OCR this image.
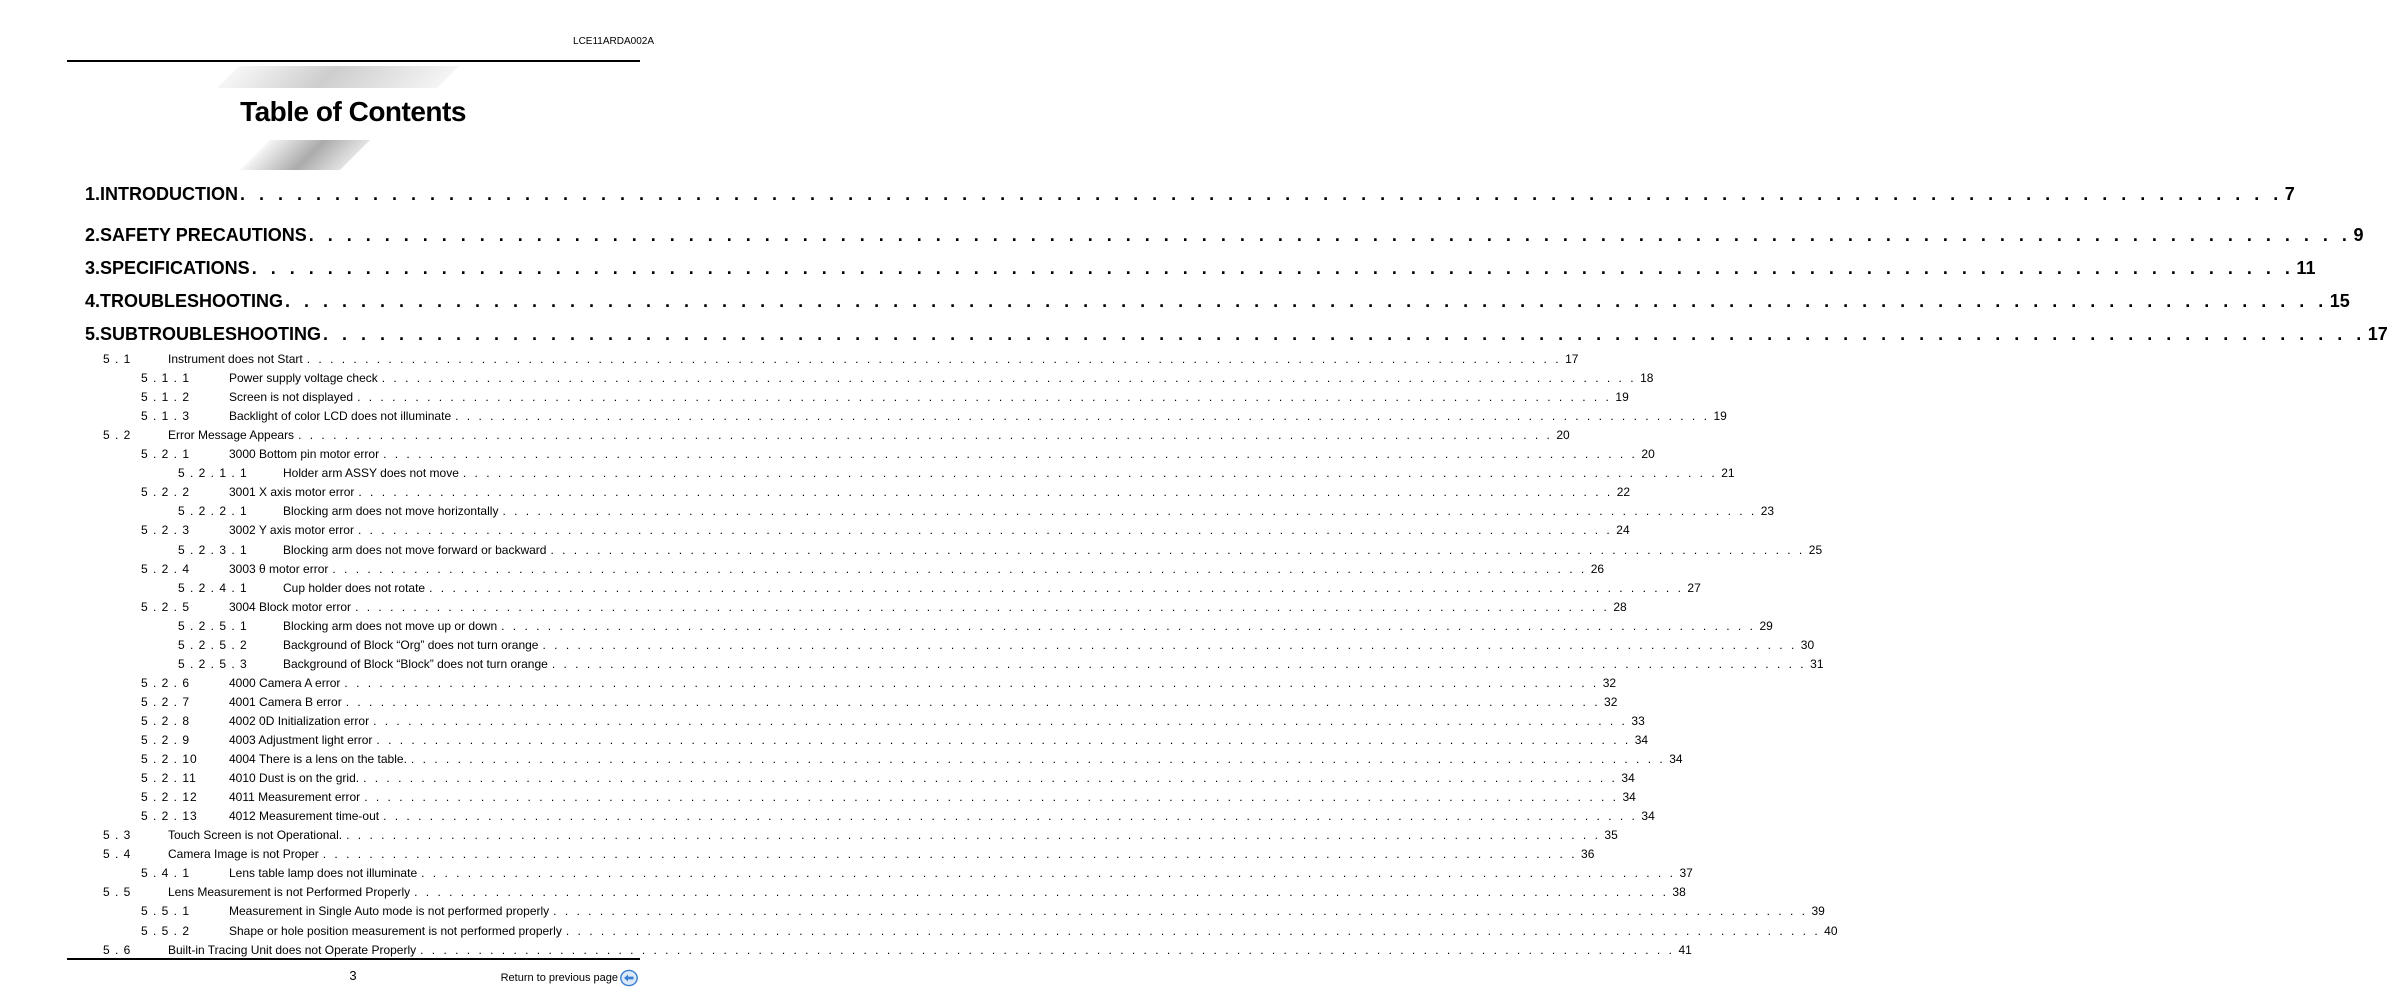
LCE11ARDA002A
Table of Contents
1.INTRODUCTION . . . . . . . . . . . . . . . . . . . . . . . . . . . . . . . . . . . . . . . . . . . . . . . . . . . . . . . . . . . . . . . . . . . . . . . . . . . . . . . . . . . . . . . . . . . . . . . . . . . . . . . . . . . . 7
2.SAFETY PRECAUTIONS . . . . . . . . . . . . . . . . . . . . . . . . . . . . . . . . . . . . . . . . . . . . . . . . . . . . . . . . . . . . . . . . . . . . . . . . . . . . . . . . . . . . . . . . . . . . . . . . . . . . . . . . . . . . 9
3.SPECIFICATIONS . . . . . . . . . . . . . . . . . . . . . . . . . . . . . . . . . . . . . . . . . . . . . . . . . . . . . . . . . . . . . . . . . . . . . . . . . . . . . . . . . . . . . . . . . . . . . . . . . . . . . . . . . . . . 11
4.TROUBLESHOOTING . . . . . . . . . . . . . . . . . . . . . . . . . . . . . . . . . . . . . . . . . . . . . . . . . . . . . . . . . . . . . . . . . . . . . . . . . . . . . . . . . . . . . . . . . . . . . . . . . . . . . . . . . . . . 15
5.SUBTROUBLESHOOTING . . . . . . . . . . . . . . . . . . . . . . . . . . . . . . . . . . . . . . . . . . . . . . . . . . . . . . . . . . . . . . . . . . . . . . . . . . . . . . . . . . . . . . . . . . . . . . . . . . . . . . . . . . . . 17
5 . 1	Instrument does not Start . . . . . . . . . . . . . . . . . . . . . . . . . . . . . . . . . . . . . . . . . . . . . . . . . . . . . . . . . . . . . . . . . . . . . . . . . . . . . . . . . . . . . . . . . . . . . . . . . . . . . . . . . . . . 17
5 . 1 . 1	Power supply voltage check . . . . . . . . . . . . . . . . . . . . . . . . . . . . . . . . . . . . . . . . . . . . . . . . . . . . . . . . . . . . . . . . . . . . . . . . . . . . . . . . . . . . . . . . . . . . . . . . . . . . . . . . . . . . 18
5 . 1 . 2	Screen is not displayed . . . . . . . . . . . . . . . . . . . . . . . . . . . . . . . . . . . . . . . . . . . . . . . . . . . . . . . . . . . . . . . . . . . . . . . . . . . . . . . . . . . . . . . . . . . . . . . . . . . . . . . . . . . . 19
5 . 1 . 3	Backlight of color LCD does not illuminate . . . . . . . . . . . . . . . . . . . . . . . . . . . . . . . . . . . . . . . . . . . . . . . . . . . . . . . . . . . . . . . . . . . . . . . . . . . . . . . . . . . . . . . . . . . . . . . . . . . . . . . . . . . . 19
5 . 2	Error Message Appears . . . . . . . . . . . . . . . . . . . . . . . . . . . . . . . . . . . . . . . . . . . . . . . . . . . . . . . . . . . . . . . . . . . . . . . . . . . . . . . . . . . . . . . . . . . . . . . . . . . . . . . . . . . . 20
5 . 2 . 1	3000 Bottom pin motor error . . . . . . . . . . . . . . . . . . . . . . . . . . . . . . . . . . . . . . . . . . . . . . . . . . . . . . . . . . . . . . . . . . . . . . . . . . . . . . . . . . . . . . . . . . . . . . . . . . . . . . . . . . . . 20
5 . 2 . 1 . 1	Holder arm ASSY does not move . . . . . . . . . . . . . . . . . . . . . . . . . . . . . . . . . . . . . . . . . . . . . . . . . . . . . . . . . . . . . . . . . . . . . . . . . . . . . . . . . . . . . . . . . . . . . . . . . . . . . . . . . . . . 21
5 . 2 . 2	3001 X axis motor error . . . . . . . . . . . . . . . . . . . . . . . . . . . . . . . . . . . . . . . . . . . . . . . . . . . . . . . . . . . . . . . . . . . . . . . . . . . . . . . . . . . . . . . . . . . . . . . . . . . . . . . . . . . . 22
5 . 2 . 2 . 1	Blocking arm does not move horizontally . . . . . . . . . . . . . . . . . . . . . . . . . . . . . . . . . . . . . . . . . . . . . . . . . . . . . . . . . . . . . . . . . . . . . . . . . . . . . . . . . . . . . . . . . . . . . . . . . . . . . . . . . . . . 23
5 . 2 . 3	3002 Y axis motor error . . . . . . . . . . . . . . . . . . . . . . . . . . . . . . . . . . . . . . . . . . . . . . . . . . . . . . . . . . . . . . . . . . . . . . . . . . . . . . . . . . . . . . . . . . . . . . . . . . . . . . . . . . . . 24
5 . 2 . 3 . 1	Blocking arm does not move forward or backward . . . . . . . . . . . . . . . . . . . . . . . . . . . . . . . . . . . . . . . . . . . . . . . . . . . . . . . . . . . . . . . . . . . . . . . . . . . . . . . . . . . . . . . . . . . . . . . . . . . . . . . . . . . . 25
5 . 2 . 4	3003 θ motor error . . . . . . . . . . . . . . . . . . . . . . . . . . . . . . . . . . . . . . . . . . . . . . . . . . . . . . . . . . . . . . . . . . . . . . . . . . . . . . . . . . . . . . . . . . . . . . . . . . . . . . . . . . . . 26
5 . 2 . 4 . 1	Cup holder does not rotate . . . . . . . . . . . . . . . . . . . . . . . . . . . . . . . . . . . . . . . . . . . . . . . . . . . . . . . . . . . . . . . . . . . . . . . . . . . . . . . . . . . . . . . . . . . . . . . . . . . . . . . . . . . . 27
5 . 2 . 5	3004 Block motor error . . . . . . . . . . . . . . . . . . . . . . . . . . . . . . . . . . . . . . . . . . . . . . . . . . . . . . . . . . . . . . . . . . . . . . . . . . . . . . . . . . . . . . . . . . . . . . . . . . . . . . . . . . . . 28
5 . 2 . 5 . 1	Blocking arm does not move up or down . . . . . . . . . . . . . . . . . . . . . . . . . . . . . . . . . . . . . . . . . . . . . . . . . . . . . . . . . . . . . . . . . . . . . . . . . . . . . . . . . . . . . . . . . . . . . . . . . . . . . . . . . . . . 29
5 . 2 . 5 . 2	Background of Block “Org” does not turn orange . . . . . . . . . . . . . . . . . . . . . . . . . . . . . . . . . . . . . . . . . . . . . . . . . . . . . . . . . . . . . . . . . . . . . . . . . . . . . . . . . . . . . . . . . . . . . . . . . . . . . . . . . . . . 30
5 . 2 . 5 . 3	Background of Block “Block” does not turn orange . . . . . . . . . . . . . . . . . . . . . . . . . . . . . . . . . . . . . . . . . . . . . . . . . . . . . . . . . . . . . . . . . . . . . . . . . . . . . . . . . . . . . . . . . . . . . . . . . . . . . . . . . . . . 31
5 . 2 . 6	4000 Camera A error . . . . . . . . . . . . . . . . . . . . . . . . . . . . . . . . . . . . . . . . . . . . . . . . . . . . . . . . . . . . . . . . . . . . . . . . . . . . . . . . . . . . . . . . . . . . . . . . . . . . . . . . . . . . 32
5 . 2 . 7	4001 Camera B error . . . . . . . . . . . . . . . . . . . . . . . . . . . . . . . . . . . . . . . . . . . . . . . . . . . . . . . . . . . . . . . . . . . . . . . . . . . . . . . . . . . . . . . . . . . . . . . . . . . . . . . . . . . . 32
5 . 2 . 8	4002 0D Initialization error . . . . . . . . . . . . . . . . . . . . . . . . . . . . . . . . . . . . . . . . . . . . . . . . . . . . . . . . . . . . . . . . . . . . . . . . . . . . . . . . . . . . . . . . . . . . . . . . . . . . . . . . . . . . 33
5 . 2 . 9	4003 Adjustment light error . . . . . . . . . . . . . . . . . . . . . . . . . . . . . . . . . . . . . . . . . . . . . . . . . . . . . . . . . . . . . . . . . . . . . . . . . . . . . . . . . . . . . . . . . . . . . . . . . . . . . . . . . . . . 34
5 . 2 . 10	4004 There is a lens on the table. . . . . . . . . . . . . . . . . . . . . . . . . . . . . . . . . . . . . . . . . . . . . . . . . . . . . . . . . . . . . . . . . . . . . . . . . . . . . . . . . . . . . . . . . . . . . . . . . . . . . . . . . . . . . 34
5 . 2 . 11	4010 Dust is on the grid. . . . . . . . . . . . . . . . . . . . . . . . . . . . . . . . . . . . . . . . . . . . . . . . . . . . . . . . . . . . . . . . . . . . . . . . . . . . . . . . . . . . . . . . . . . . . . . . . . . . . . . . . . . . . 34
5 . 2 . 12	4011 Measurement error . . . . . . . . . . . . . . . . . . . . . . . . . . . . . . . . . . . . . . . . . . . . . . . . . . . . . . . . . . . . . . . . . . . . . . . . . . . . . . . . . . . . . . . . . . . . . . . . . . . . . . . . . . . . 34
5 . 2 . 13	4012 Measurement time-out . . . . . . . . . . . . . . . . . . . . . . . . . . . . . . . . . . . . . . . . . . . . . . . . . . . . . . . . . . . . . . . . . . . . . . . . . . . . . . . . . . . . . . . . . . . . . . . . . . . . . . . . . . . . 34
5 . 3	Touch Screen is not Operational. . . . . . . . . . . . . . . . . . . . . . . . . . . . . . . . . . . . . . . . . . . . . . . . . . . . . . . . . . . . . . . . . . . . . . . . . . . . . . . . . . . . . . . . . . . . . . . . . . . . . . . . . . . . . 35
5 . 4	Camera Image is not Proper . . . . . . . . . . . . . . . . . . . . . . . . . . . . . . . . . . . . . . . . . . . . . . . . . . . . . . . . . . . . . . . . . . . . . . . . . . . . . . . . . . . . . . . . . . . . . . . . . . . . . . . . . . . . 36
5 . 4 . 1	Lens table lamp does not illuminate . . . . . . . . . . . . . . . . . . . . . . . . . . . . . . . . . . . . . . . . . . . . . . . . . . . . . . . . . . . . . . . . . . . . . . . . . . . . . . . . . . . . . . . . . . . . . . . . . . . . . . . . . . . . 37
5 . 5	Lens Measurement is not Performed Properly . . . . . . . . . . . . . . . . . . . . . . . . . . . . . . . . . . . . . . . . . . . . . . . . . . . . . . . . . . . . . . . . . . . . . . . . . . . . . . . . . . . . . . . . . . . . . . . . . . . . . . . . . . . . 38
5 . 5 . 1	Measurement in Single Auto mode is not performed properly . . . . . . . . . . . . . . . . . . . . . . . . . . . . . . . . . . . . . . . . . . . . . . . . . . . . . . . . . . . . . . . . . . . . . . . . . . . . . . . . . . . . . . . . . . . . . . . . . . . . . . . . . . . . 39
5 . 5 . 2	Shape or hole position measurement is not performed properly . . . . . . . . . . . . . . . . . . . . . . . . . . . . . . . . . . . . . . . . . . . . . . . . . . . . . . . . . . . . . . . . . . . . . . . . . . . . . . . . . . . . . . . . . . . . . . . . . . . . . . . . . . . . 40
5 . 6	Built-in Tracing Unit does not Operate Properly . . . . . . . . . . . . . . . . . . . . . . . . . . . . . . . . . . . . . . . . . . . . . . . . . . . . . . . . . . . . . . . . . . . . . . . . . . . . . . . . . . . . . . . . . . . . . . . . . . . . . . . . . . . . 41
3	Return to previous page
